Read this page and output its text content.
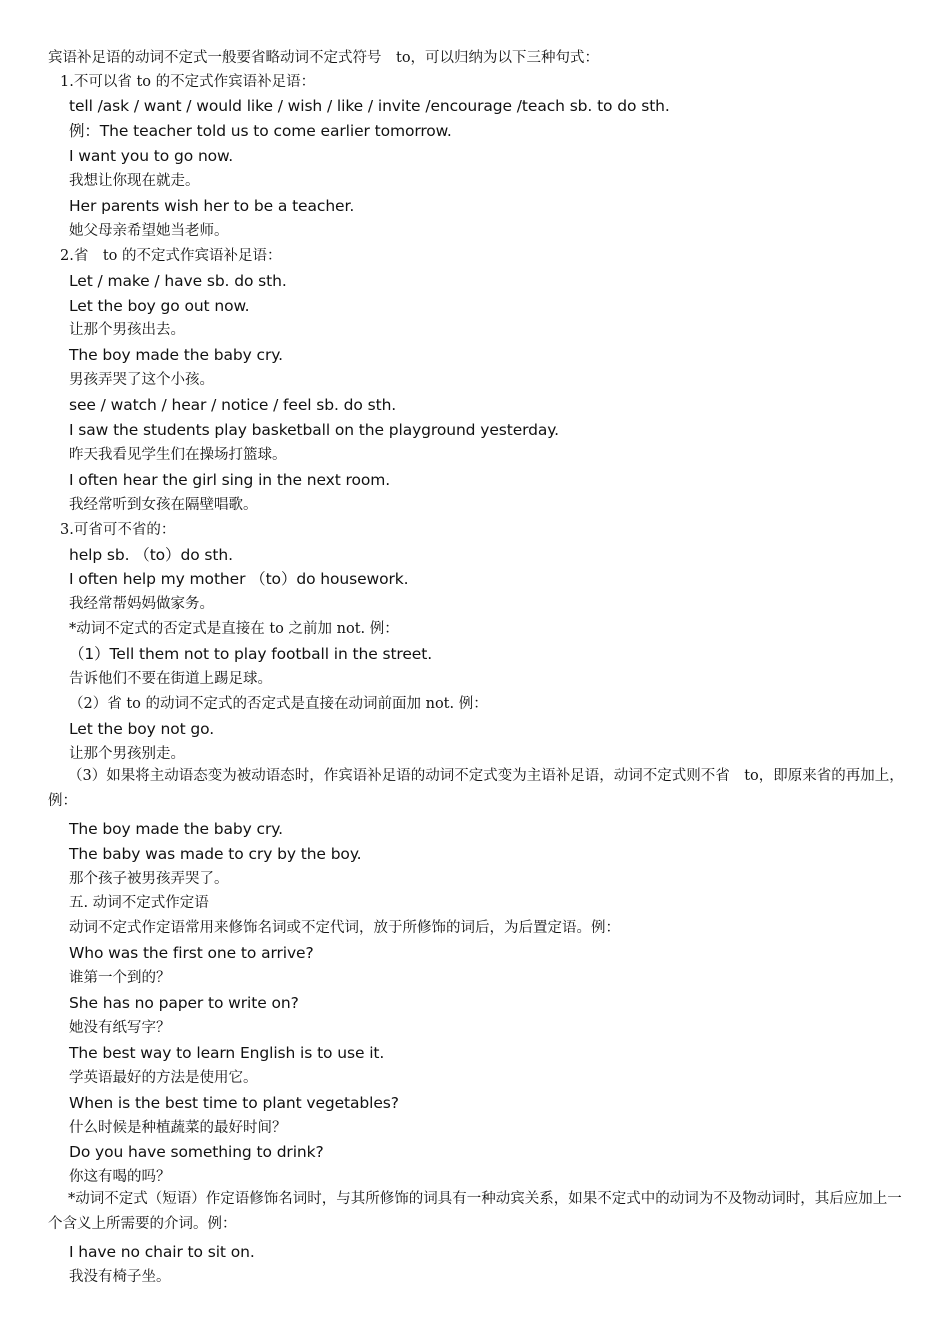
宾语补足语的动词不定式一般要省略动词不定式符号　to，可以归纳为以下三种句式：
1.不可以省 to 的不定式作宾语补足语：
tell /ask / want / would like / wish / like / invite /encourage /teach sb. to do sth.
例：The teacher told us to come earlier tomorrow.
I want you to go now.
我想让你现在就走。
Her parents wish her to be a teacher.
她父母亲希望她当老师。
2.省　to 的不定式作宾语补足语：
Let / make / have sb. do sth.
Let the boy go out now.
让那个男孩出去。
The boy made the baby cry.
男孩弄哭了这个小孩。
see / watch / hear / notice / feel sb. do sth.
I saw the students play basketball on the playground yesterday.
昨天我看见学生们在操场打篮球。
I often hear the girl sing in the next room.
我经常听到女孩在隔壁唱歌。
3.可省可不省的：
help sb. （to）do sth.
I often help my mother （to）do housework.
我经常帮妈妈做家务。
*动词不定式的否定式是直接在 to 之前加 not. 例：
（1）Tell them not to play football in the street.
告诉他们不要在街道上踢足球。
（2）省 to 的动词不定式的否定式是直接在动词前面加 not. 例：
Let the boy not go.
让那个男孩别走。
（3）如果将主动语态变为被动语态时，作宾语补足语的动词不定式变为主语补足语，动词不定式则不省　to，即原来省的再加上，例：
The boy made the baby cry.
The baby was made to cry by the boy.
那个孩子被男孩弄哭了。
五. 动词不定式作定语
动词不定式作定语常用来修饰名词或不定代词，放于所修饰的词后，为后置定语。例：
Who was the first one to arrive?
谁第一个到的？
She has no paper to write on?
她没有纸写字？
The best way to learn English is to use it.
学英语最好的方法是使用它。
When is the best time to plant vegetables?
什么时候是种植蔬菜的最好时间？
Do you have something to drink?
你这有喝的吗？
*动词不定式（短语）作定语修饰名词时，与其所修饰的词具有一种动宾关系，如果不定式中的动词为不及物动词时，其后应加上一个含义上所需要的介词。例：
I have no chair to sit on.
我没有椅子坐。
